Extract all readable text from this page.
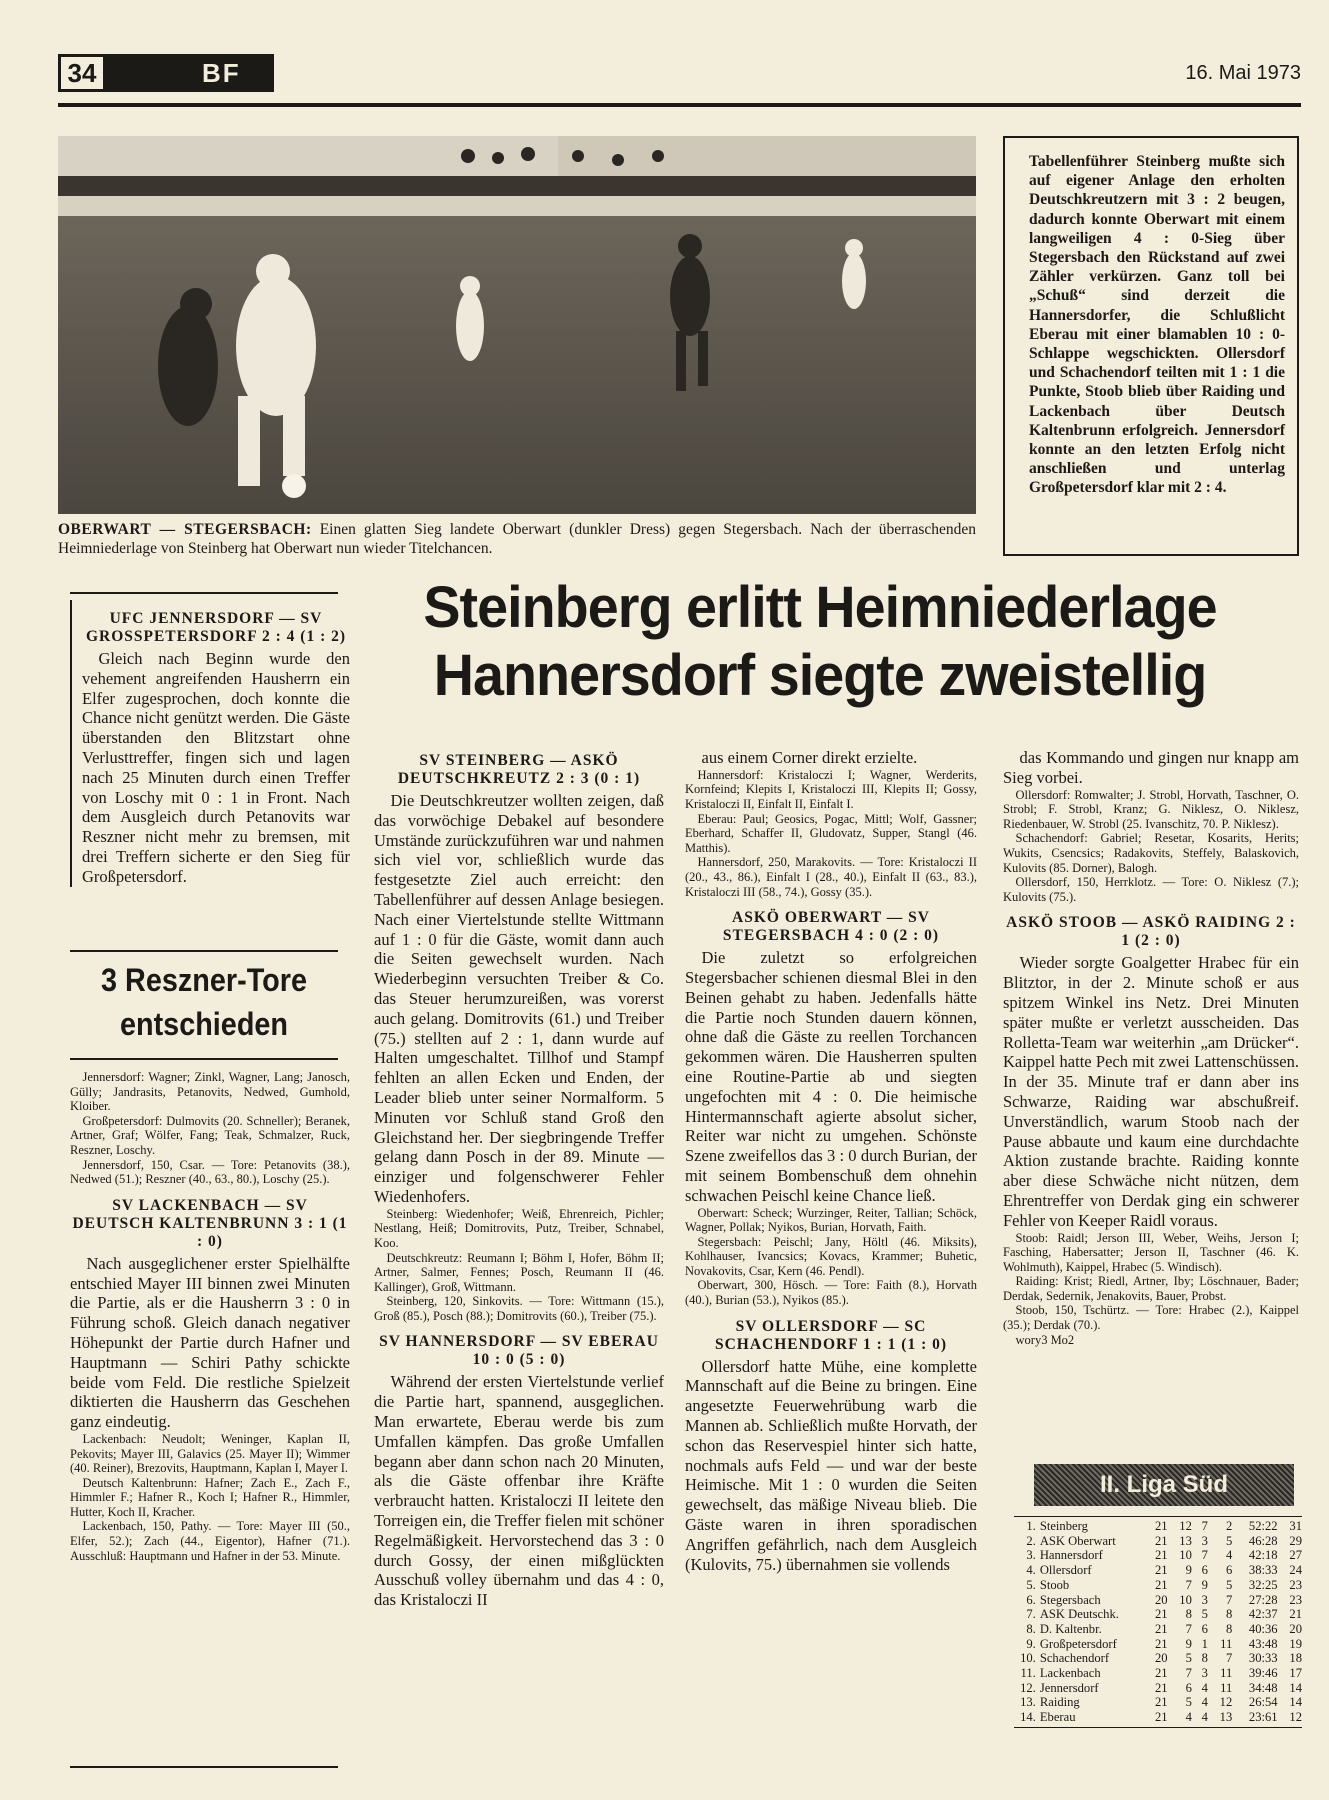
34	BF	16. Mai 1973
OBERWART — STEGERSBACH: Einen glatten Sieg landete Oberwart (dunkler Dress) gegen Stegersbach. Nach der überraschenden Heimniederlage von Steinberg hat Oberwart nun wieder Titelchancen.
Tabellenführer Steinberg mußte sich auf eigener Anlage den erholten Deutschkreutzern mit 3 : 2 beugen, dadurch konnte Oberwart mit einem langweiligen 4 : 0-Sieg über Stegersbach den Rückstand auf zwei Zähler verkürzen. Ganz toll bei „Schuß“ sind derzeit die Hannersdorfer, die Schlußlicht Eberau mit einer blamablen 10 : 0-Schlappe wegschickten. Ollersdorf und Schachendorf teilten mit 1 : 1 die Punkte, Stoob blieb über Raiding und Lackenbach über Deutsch Kaltenbrunn erfolgreich. Jennersdorf konnte an den letzten Erfolg nicht anschließen und unterlag Großpetersdorf klar mit 2 : 4.
Steinberg erlitt Heimniederlage
Hannersdorf siegte zweistellig
UFC JENNERSDORF — SV GROSSPETERSDORF 2 : 4 (1 : 2)

Gleich nach Beginn wurde den vehement angreifenden Hausherrn ein Elfer zugesprochen, doch konnte die Chance nicht genützt werden. Die Gäste überstanden den Blitzstart ohne Verlusttreffer, fingen sich und lagen nach 25 Minuten durch einen Treffer von Loschy mit 0 : 1 in Front. Nach dem Ausgleich durch Petanovits war Reszner nicht mehr zu bremsen, mit drei Treffern sicherte er den Sieg für Großpetersdorf.

3 Reszner-Tore entschieden

Jennersdorf: Wagner; Zinkl, Wagner, Lang; Janosch, Gülly; Jandrasits, Petanovits, Nedwed, Gumhold, Kloiber.

Großpetersdorf: Dulmovits (20. Schneller); Beranek, Artner, Graf; Wölfer, Fang; Teak, Schmalzer, Ruck, Reszner, Loschy.

Jennersdorf, 150, Csar. — Tore: Petanovits (38.), Nedwed (51.); Reszner (40., 63., 80.), Loschy (25.).

SV LACKENBACH — SV DEUTSCH KALTENBRUNN 3 : 1 (1 : 0)

Nach ausgeglichener erster Spielhälfte entschied Mayer III binnen zwei Minuten die Partie, als er die Hausherrn 3 : 0 in Führung schoß. Gleich danach negativer Höhepunkt der Partie durch Hafner und Hauptmann — Schiri Pathy schickte beide vom Feld. Die restliche Spielzeit diktierten die Hausherrn das Geschehen ganz eindeutig.

Lackenbach: Neudolt; Weninger, Kaplan II, Pekovits; Mayer III, Galavics (25. Mayer II); Wimmer (40. Reiner), Brezovits, Hauptmann, Kaplan I, Mayer I.

Deutsch Kaltenbrunn: Hafner; Zach E., Zach F., Himmler F.; Hafner R., Koch I; Hafner R., Himmler, Hutter, Koch II, Kracher.

Lackenbach, 150, Pathy. — Tore: Mayer III (50., Elfer, 52.); Zach (44., Eigentor), Hafner (71.). Ausschluß: Hauptmann und Hafner in der 53. Minute.

SV STEINBERG — ASKÖ DEUTSCHKREUTZ 2 : 3 (0 : 1)

Die Deutschkreutzer wollten zeigen, daß das vorwöchige Debakel auf besondere Umstände zurückzuführen war und nahmen sich viel vor, schließlich wurde das festgesetzte Ziel auch erreicht: den Tabellenführer auf dessen Anlage besiegen. Nach einer Viertelstunde stellte Wittmann auf 1 : 0 für die Gäste, womit dann auch die Seiten gewechselt wurden. Nach Wiederbeginn versuchten Treiber & Co. das Steuer herumzureißen, was vorerst auch gelang. Domitrovits (61.) und Treiber (75.) stellten auf 2 : 1, dann wurde auf Halten umgeschaltet. Tillhof und Stampf fehlten an allen Ecken und Enden, der Leader blieb unter seiner Normalform. 5 Minuten vor Schluß stand Groß den Gleichstand her. Der siegbringende Treffer gelang dann Posch in der 89. Minute — einziger und folgenschwerer Fehler Wiedenhofers.

Steinberg: Wiedenhofer; Weiß, Ehrenreich, Pichler; Nestlang, Heiß; Domitrovits, Putz, Treiber, Schnabel, Koo.

Deutschkreutz: Reumann I; Böhm I, Hofer, Böhm II; Artner, Salmer, Fennes; Posch, Reumann II (46. Kallinger), Groß, Wittmann.

Steinberg, 120, Sinkovits. — Tore: Wittmann (15.), Groß (85.), Posch (88.); Domitrovits (60.), Treiber (75.).

SV HANNERSDORF — SV EBERAU 10 : 0 (5 : 0)

Während der ersten Viertelstunde verlief die Partie hart, spannend, ausgeglichen. Man erwartete, Eberau werde bis zum Umfallen kämpfen. Das große Umfallen begann aber dann schon nach 20 Minuten, als die Gäste offenbar ihre Kräfte verbraucht hatten. Kristaloczi II leitete den Torreigen ein, die Treffer fielen mit schöner Regelmäßigkeit. Hervorstechend das 3 : 0 durch Gossy, der einen mißglückten Ausschuß volley übernahm und das 4 : 0, das Kristaloczi II

aus einem Corner direkt erzielte.

Hannersdorf: Kristaloczi I; Wagner, Werderits, Kornfeind; Klepits I, Kristaloczi III, Klepits II; Gossy, Kristaloczi II, Einfalt II, Einfalt I.

Eberau: Paul; Geosics, Pogac, Mittl; Wolf, Gassner; Eberhard, Schaffer II, Gludovatz, Supper, Stangl (46. Matthis).

Hannersdorf, 250, Marakovits. — Tore: Kristaloczi II (20., 43., 86.), Einfalt I (28., 40.), Einfalt II (63., 83.), Kristaloczi III (58., 74.), Gossy (35.).

ASKÖ OBERWART — SV STEGERSBACH 4 : 0 (2 : 0)

Die zuletzt so erfolgreichen Stegersbacher schienen diesmal Blei in den Beinen gehabt zu haben. Jedenfalls hätte die Partie noch Stunden dauern können, ohne daß die Gäste zu reellen Torchancen gekommen wären. Die Hausherren spulten eine Routine-Partie ab und siegten ungefochten mit 4 : 0. Die heimische Hintermannschaft agierte absolut sicher, Reiter war nicht zu umgehen. Schönste Szene zweifellos das 3 : 0 durch Burian, der mit seinem Bombenschuß dem ohnehin schwachen Peischl keine Chance ließ.

Oberwart: Scheck; Wurzinger, Reiter, Tallian; Schöck, Wagner, Pollak; Nyikos, Burian, Horvath, Faith.

Stegersbach: Peischl; Jany, Höltl (46. Miksits), Kohlhauser, Ivancsics; Kovacs, Krammer; Buhetic, Novakovits, Csar, Kern (46. Pendl).

Oberwart, 300, Hösch. — Tore: Faith (8.), Horvath (40.), Burian (53.), Nyikos (85.).

SV OLLERSDORF — SC SCHACHENDORF 1 : 1 (1 : 0)

Ollersdorf hatte Mühe, eine komplette Mannschaft auf die Beine zu bringen. Eine angesetzte Feuerwehrübung warb die Mannen ab. Schließlich mußte Horvath, der schon das Reservespiel hinter sich hatte, nochmals aufs Feld — und war der beste Heimische. Mit 1 : 0 wurden die Seiten gewechselt, das mäßige Niveau blieb. Die Gäste waren in ihren sporadischen Angriffen gefährlich, nach dem Ausgleich (Kulovits, 75.) übernahmen sie vollends

das Kommando und gingen nur knapp am Sieg vorbei.

Ollersdorf: Romwalter; J. Strobl, Horvath, Taschner, O. Strobl; F. Strobl, Kranz; G. Niklesz, O. Niklesz, Riedenbauer, W. Strobl (25. Ivanschitz, 70. P. Niklesz).

Schachendorf: Gabriel; Resetar, Kosarits, Herits; Wukits, Csencsics; Radakovits, Steffely, Balaskovich, Kulovits (85. Dorner), Balogh.

Ollersdorf, 150, Herrklotz. — Tore: O. Niklesz (7.); Kulovits (75.).

ASKÖ STOOB — ASKÖ RAIDING 2 : 1 (2 : 0)

Wieder sorgte Goalgetter Hrabec für ein Blitztor, in der 2. Minute schoß er aus spitzem Winkel ins Netz. Drei Minuten später mußte er verletzt ausscheiden. Das Rolletta-Team war weiterhin „am Drücker“. Kaippel hatte Pech mit zwei Lattenschüssen. In der 35. Minute traf er dann aber ins Schwarze, Raiding war abschußreif. Unverständlich, warum Stoob nach der Pause abbaute und kaum eine durchdachte Aktion zustande brachte. Raiding konnte aber diese Schwäche nicht nützen, dem Ehrentreffer von Derdak ging ein schwerer Fehler von Keeper Raidl voraus.

Stoob: Raidl; Jerson III, Weber, Weihs, Jerson I; Fasching, Habersatter; Jerson II, Taschner (46. K. Wohlmuth), Kaippel, Hrabec (5. Windisch).

Raiding: Krist; Riedl, Artner, Iby; Löschnauer, Bader; Derdak, Sedernik, Jenakovits, Bauer, Probst.

Stoob, 150, Tschürtz. — Tore: Hrabec (2.), Kaippel (35.); Derdak (70.).

wory3 Mo2

II. Liga Süd
1.	Steinberg	21	12	7	2	52:22	31
2.	ASK Oberwart	21	13	3	5	46:28	29
3.	Hannersdorf	21	10	7	4	42:18	27
4.	Ollersdorf	21	9	6	6	38:33	24
5.	Stoob	21	7	9	5	32:25	23
6.	Stegersbach	20	10	3	7	27:28	23
7.	ASK Deutschk.	21	8	5	8	42:37	21
8.	D. Kaltenbr.	21	7	6	8	40:36	20
9.	Großpetersdorf	21	9	1	11	43:48	19
10.	Schachendorf	20	5	8	7	30:33	18
11.	Lackenbach	21	7	3	11	39:46	17
12.	Jennersdorf	21	6	4	11	34:48	14
13.	Raiding	21	5	4	12	26:54	14
14.	Eberau	21	4	4	13	23:61	12
